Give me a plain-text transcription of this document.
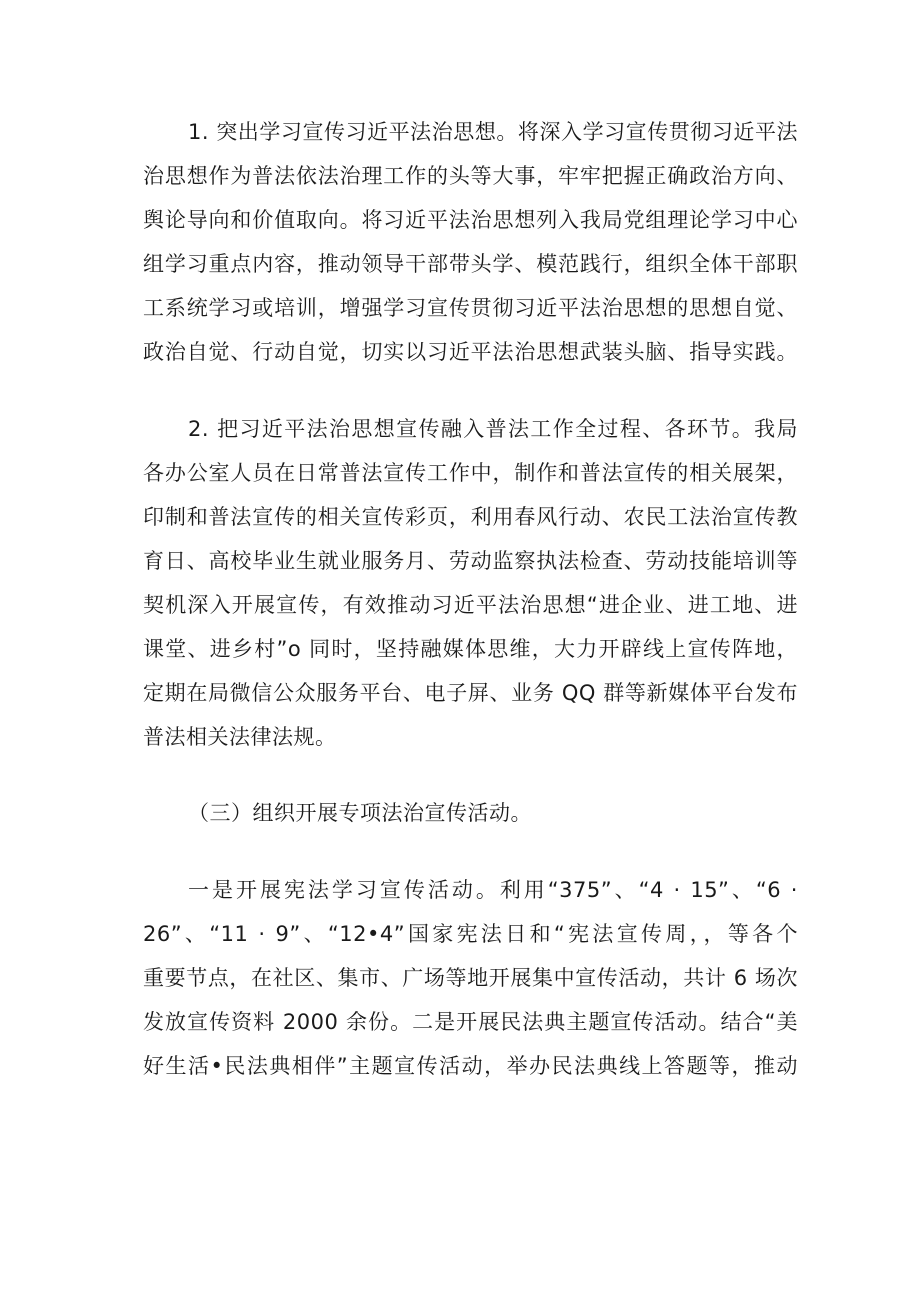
1. 突出学习宣传习近平法治思想。将深入学习宣传贯彻习近平法
治思想作为普法依法治理工作的头等大事，牢牢把握正确政治方向、
舆论导向和价值取向。将习近平法治思想列入我局党组理论学习中心
组学习重点内容，推动领导干部带头学、模范践行，组织全体干部职
工系统学习或培训，增强学习宣传贯彻习近平法治思想的思想自觉、
政治自觉、行动自觉，切实以习近平法治思想武装头脑、指导实践。
2. 把习近平法治思想宣传融入普法工作全过程、各环节。我局
各办公室人员在日常普法宣传工作中，制作和普法宣传的相关展架，
印制和普法宣传的相关宣传彩页，利用春风行动、农民工法治宣传教
育日、高校毕业生就业服务月、劳动监察执法检查、劳动技能培训等
契机深入开展宣传，有效推动习近平法治思想“进企业、进工地、进
课堂、进乡村”o 同时，坚持融媒体思维，大力开辟线上宣传阵地，
定期在局微信公众服务平台、电子屏、业务 QQ 群等新媒体平台发布
普法相关法律法规。
（三）组织开展专项法治宣传活动。
一是开展宪法学习宣传活动。利用“375”、“4 · 15”、“6 ·
26”、“11 · 9”、“12•4”国家宪法日和“宪法宣传周，，等各个
重要节点，在社区、集市、广场等地开展集中宣传活动，共计 6 场次
发放宣传资料 2000 余份。二是开展民法典主题宣传活动。结合“美
好生活•民法典相伴”主题宣传活动，举办民法典线上答题等，推动
